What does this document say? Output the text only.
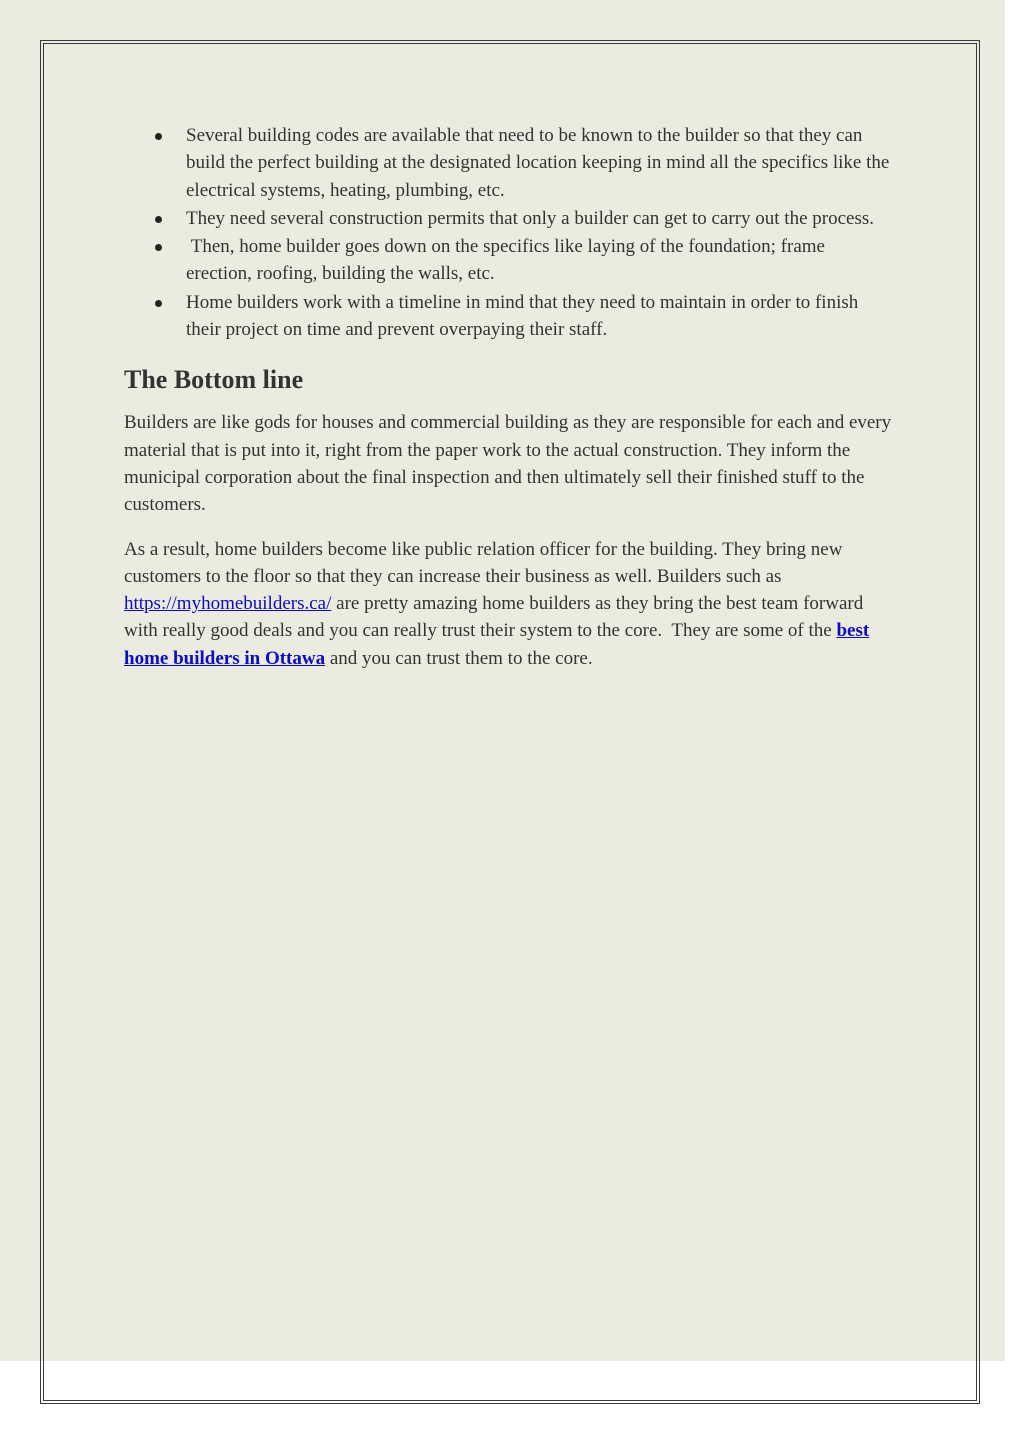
Several building codes are available that need to be known to the builder so that they can build the perfect building at the designated location keeping in mind all the specifics like the electrical systems, heating, plumbing, etc.
They need several construction permits that only a builder can get to carry out the process.
Then, home builder goes down on the specifics like laying of the foundation; frame erection, roofing, building the walls, etc.
Home builders work with a timeline in mind that they need to maintain in order to finish their project on time and prevent overpaying their staff.
The Bottom line

Builders are like gods for houses and commercial building as they are responsible for each and every material that is put into it, right from the paper work to the actual construction. They inform the municipal corporation about the final inspection and then ultimately sell their finished stuff to the customers.

As a result, home builders become like public relation officer for the building. They bring new customers to the floor so that they can increase their business as well. Builders such as https://myhomebuilders.ca/ are pretty amazing home builders as they bring the best team forward with really good deals and you can really trust their system to the core.  They are some of the best home builders in Ottawa and you can trust them to the core.
